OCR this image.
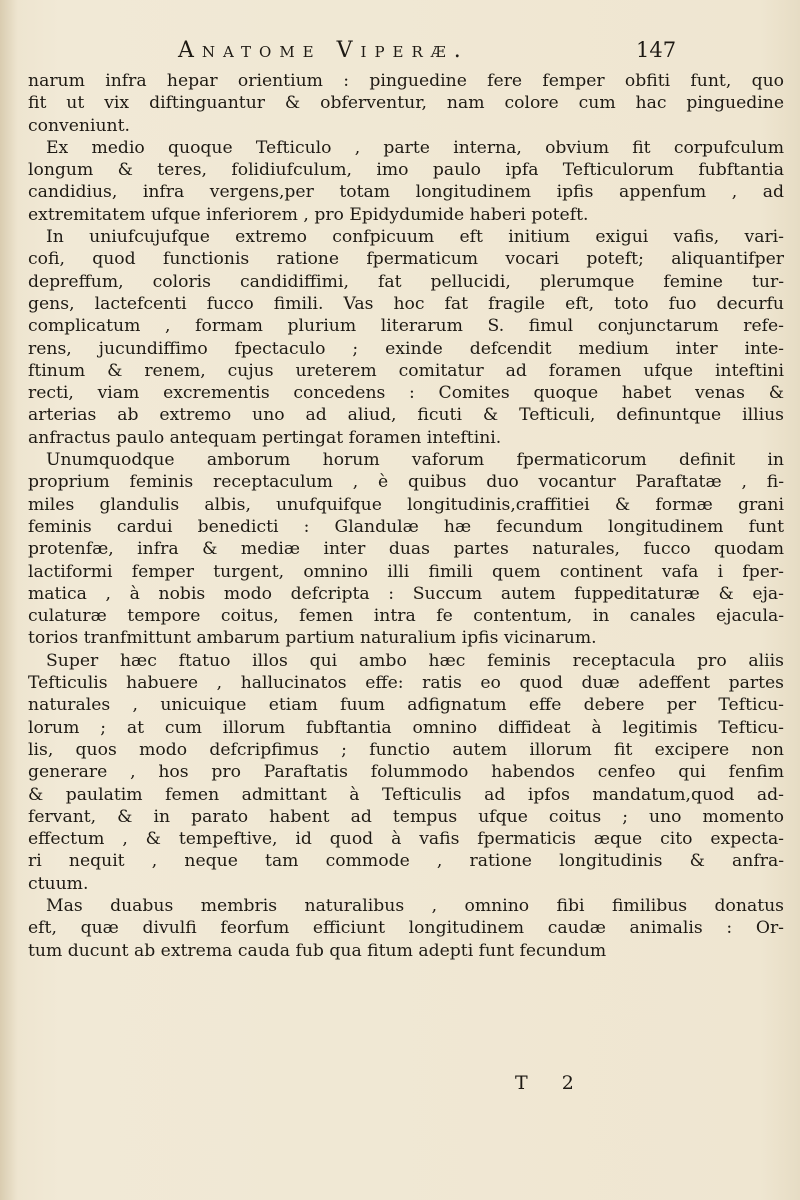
Anatome Viperæ.	147
narum infra hepar orientium : pinguedine fere femper obfiti funt, quo
fit ut vix diftinguantur & obferventur, nam colore cum hac pinguedine
conveniunt.
Ex medio quoque Tefticulo , parte interna, obvium fit corpufculum
longum & teres, folidiufculum, imo paulo ipfa Tefticulorum fubftantia
candidius, infra vergens,per totam longitudinem ipfis appenfum , ad
extremitatem ufque inferiorem , pro Epidydumide haberi poteft.
In uniufcujufque extremo confpicuum eft initium exigui vafis, vari-
cofi, quod functionis ratione fpermaticum vocari poteft; aliquantifper
depreffum, coloris candidiffimi, fat pellucidi, plerumque femine tur-
gens, lactefcenti fucco fimili. Vas hoc fat fragile eft, toto fuo decurfu
complicatum , formam plurium literarum S. fimul conjunctarum refe-
rens, jucundiffimo fpectaculo ; exinde defcendit medium inter inte-
ftinum & renem, cujus ureterem comitatur ad foramen ufque inteftini
recti, viam excrementis concedens : Comites quoque habet venas &
arterias ab extremo uno ad aliud, ficuti & Tefticuli, definuntque illius
anfractus paulo antequam pertingat foramen inteftini.
Unumquodque amborum horum vaforum fpermaticorum definit in
proprium feminis receptaculum , è quibus duo vocantur Paraftatæ , fi-
miles glandulis albis, unufquifque longitudinis,craffitiei & formæ grani
feminis cardui benedicti : Glandulæ hæ fecundum longitudinem funt
protenfæ, infra & mediæ inter duas partes naturales, fucco quodam
lactiformi femper turgent, omnino illi fimili quem continent vafa i fper-
matica , à nobis modo defcripta : Succum autem fuppeditaturæ & eja-
culaturæ tempore coitus, femen intra fe contentum, in canales ejacula-
torios tranfmittunt ambarum partium naturalium ipfis vicinarum.
Super hæc ftatuo illos qui ambo hæc feminis receptacula pro aliis
Tefticulis habuere , hallucinatos effe: ratis eo quod duæ adeffent partes
naturales , unicuique etiam fuum adfignatum effe debere per Tefticu-
lorum ; at cum illorum fubftantia omnino diffideat à legitimis Tefticu-
lis, quos modo defcripfimus ; functio autem illorum fit excipere non
generare , hos pro Paraftatis folummodo habendos cenfeo qui fenfim
& paulatim femen admittant à Tefticulis ad ipfos mandatum,quod ad-
fervant, & in parato habent ad tempus ufque coitus ; uno momento
effectum , & tempeftive, id quod à vafis fpermaticis æque cito expecta-
ri nequit , neque tam commode , ratione longitudinis & anfra-
ctuum.
Mas duabus membris naturalibus , omnino fibi fimilibus donatus
eft, quæ divulfi feorfum efficiunt longitudinem caudæ animalis : Or-
tum ducunt ab extrema cauda fub qua fitum adepti funt fecundum
T 2
